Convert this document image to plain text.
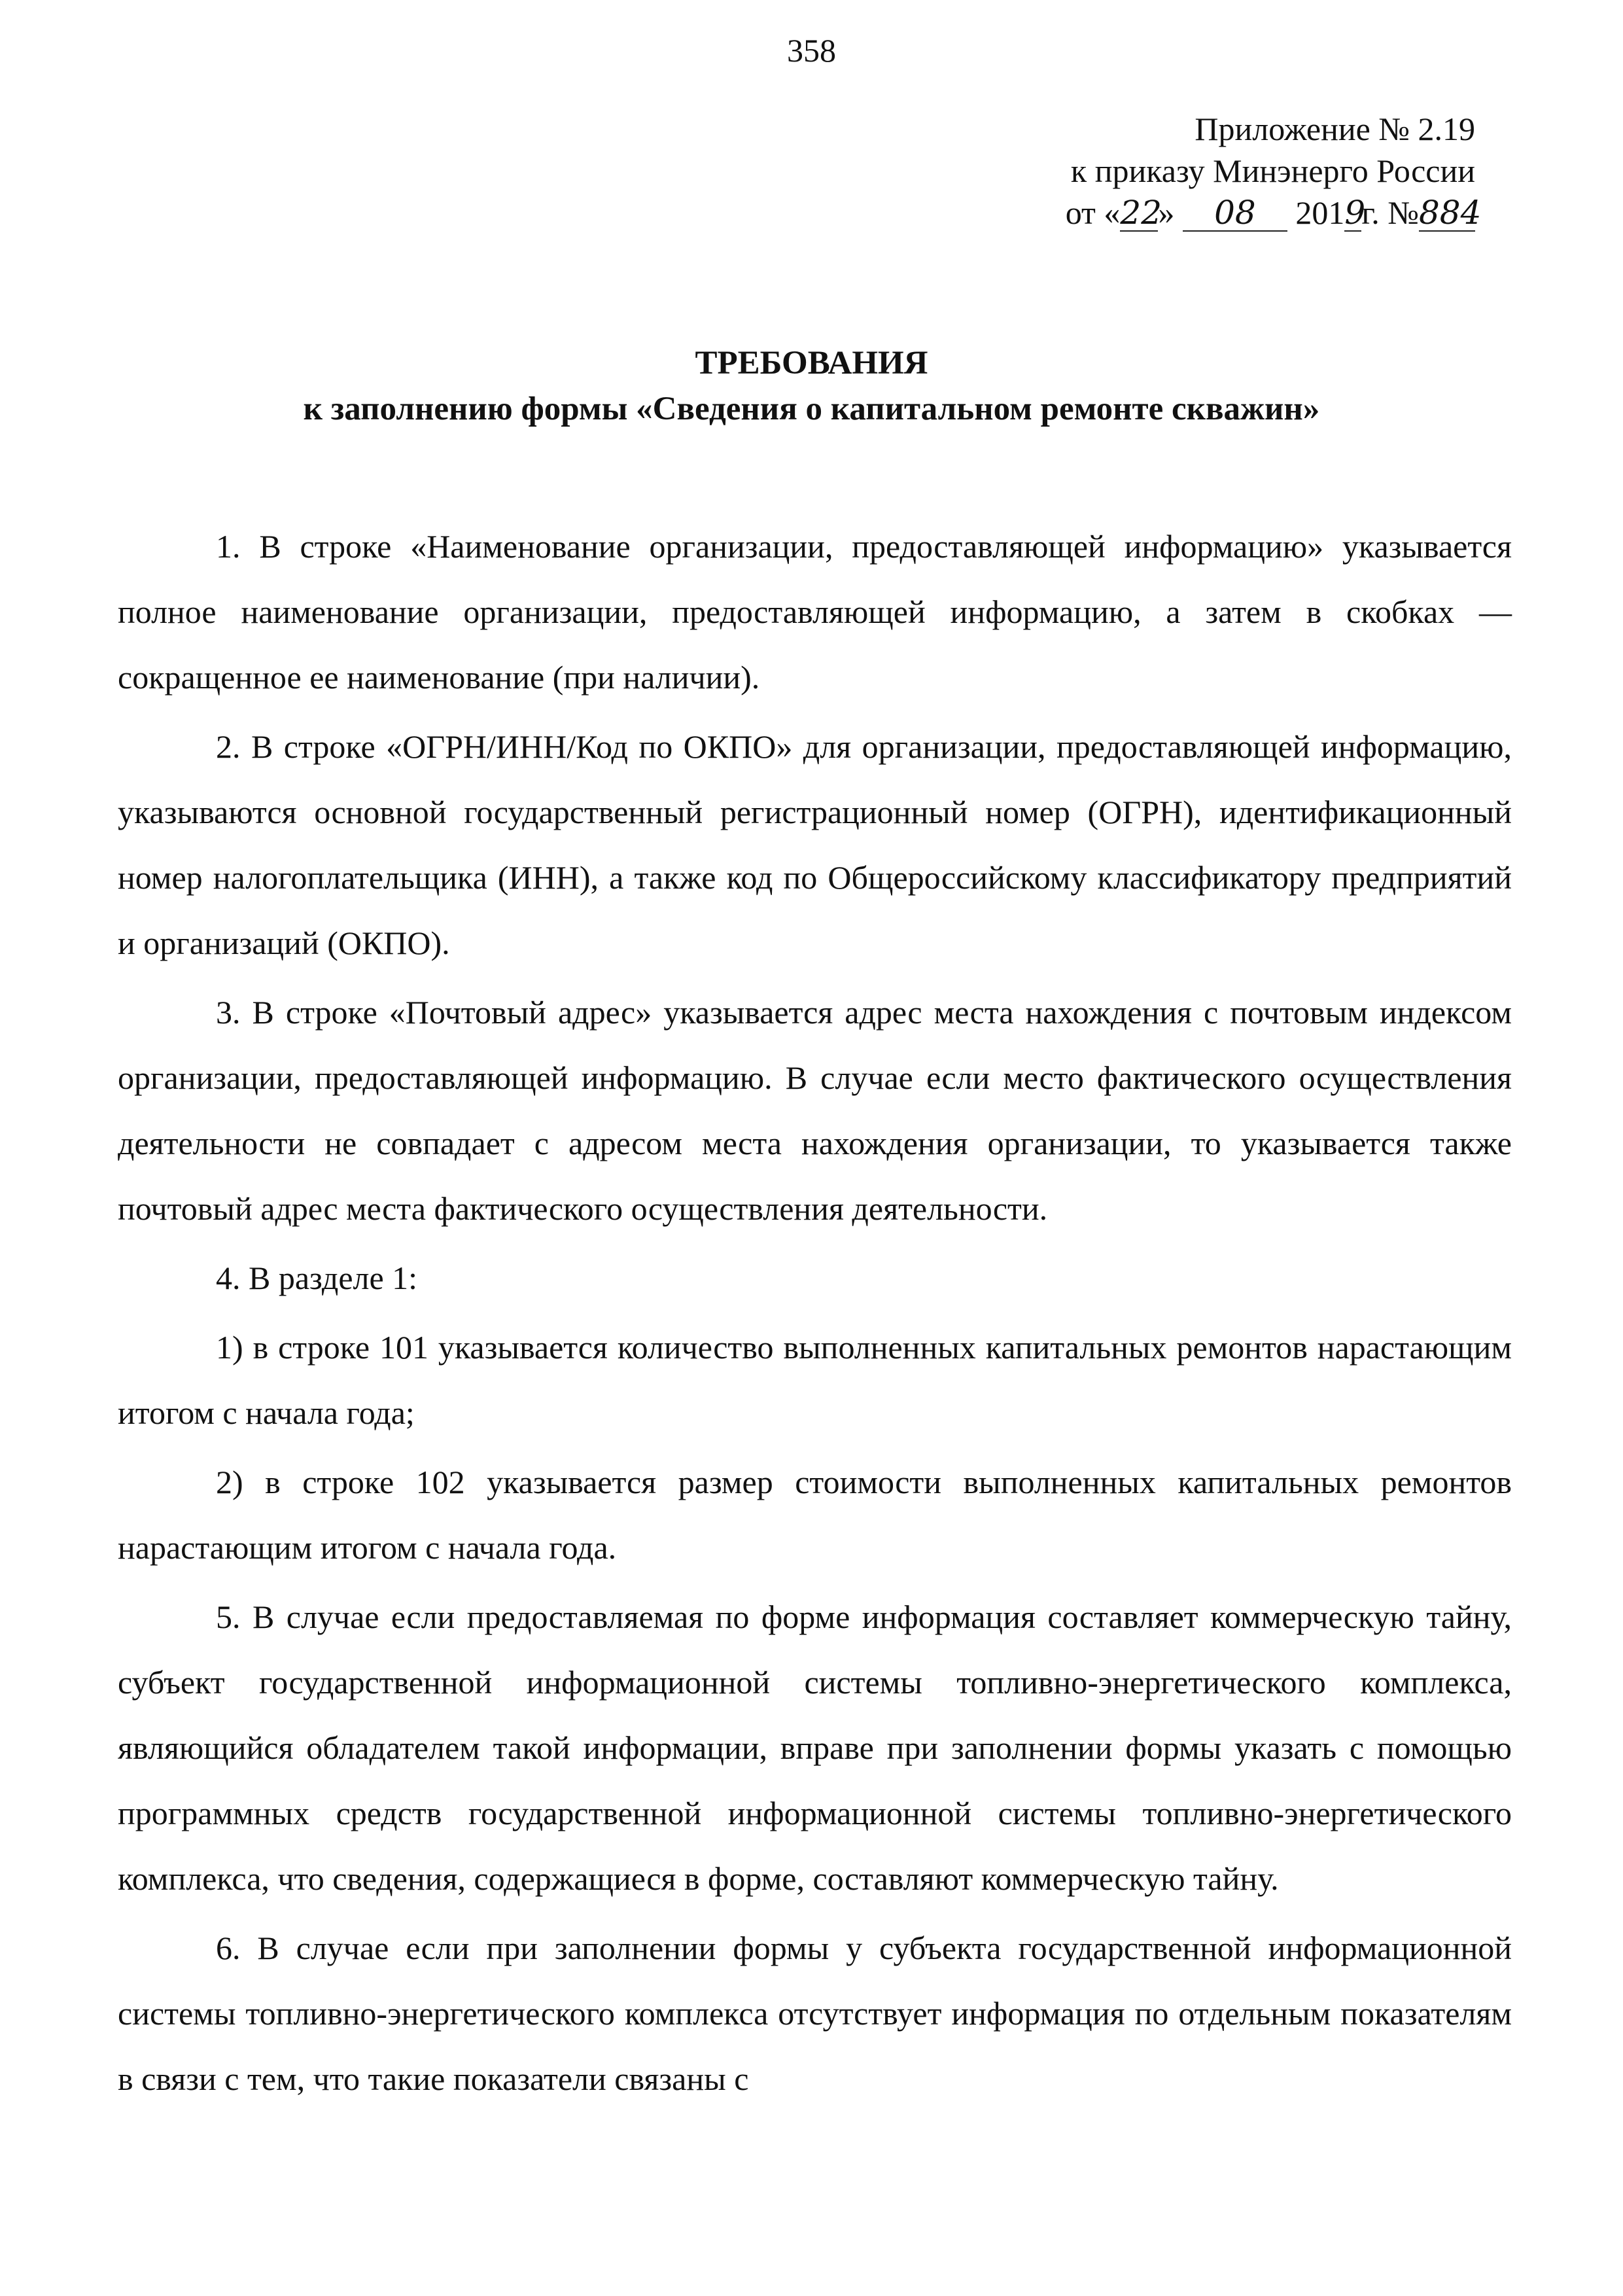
358
Приложение № 2.19
к приказу Минэнерго России
от «22» 08 2019г. №884
ТРЕБОВАНИЯ
к заполнению формы «Сведения о капитальном ремонте скважин»

1. В строке «Наименование организации, предоставляющей информацию» указывается полное наименование организации, предоставляющей информацию, а затем в скобках — сокращенное ее наименование (при наличии).

2. В строке «ОГРН/ИНН/Код по ОКПО» для организации, предоставляющей информацию, указываются основной государственный регистрационный номер (ОГРН), идентификационный номер налогоплательщика (ИНН), а также код по Общероссийскому классификатору предприятий и организаций (ОКПО).

3. В строке «Почтовый адрес» указывается адрес места нахождения с почтовым индексом организации, предоставляющей информацию. В случае если место фактического осуществления деятельности не совпадает с адресом места нахождения организации, то указывается также почтовый адрес места фактического осуществления деятельности.

4. В разделе 1:

1) в строке 101 указывается количество выполненных капитальных ремонтов нарастающим итогом с начала года;

2) в строке 102 указывается размер стоимости выполненных капитальных ремонтов нарастающим итогом с начала года.

5. В случае если предоставляемая по форме информация составляет коммерческую тайну, субъект государственной информационной системы топливно-энергетического комплекса, являющийся обладателем такой информации, вправе при заполнении формы указать с помощью программных средств государственной информационной системы топливно-энергетического комплекса, что сведения, содержащиеся в форме, составляют коммерческую тайну.

6. В случае если при заполнении формы у субъекта государственной информационной системы топливно-энергетического комплекса отсутствует информация по отдельным показателям в связи с тем, что такие показатели связаны с
